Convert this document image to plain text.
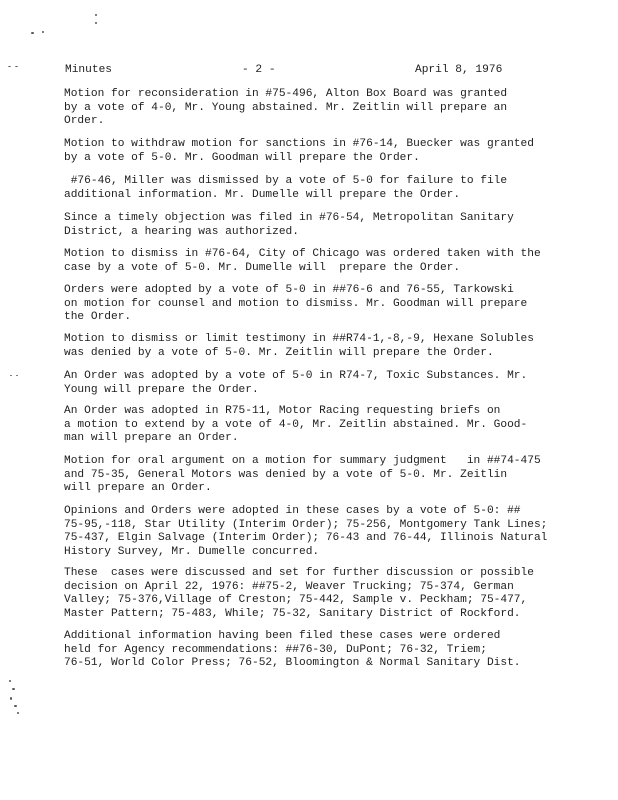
Minutes	- 2 -	April 8, 1976
Motion for reconsideration in #75-496, Alton Box Board was granted
by a vote of 4-0, Mr. Young abstained. Mr. Zeitlin will prepare an
Order.
Motion to withdraw motion for sanctions in #76-14, Buecker was granted
by a vote of 5-0. Mr. Goodman will prepare the Order.
#76-46, Miller was dismissed by a vote of 5-0 for failure to file
additional information. Mr. Dumelle will prepare the Order.
Since a timely objection was filed in #76-54, Metropolitan Sanitary
District, a hearing was authorized.
Motion to dismiss in #76-64, City of Chicago was ordered taken with the
case by a vote of 5-0. Mr. Dumelle will  prepare the Order.
Orders were adopted by a vote of 5-0 in ##76-6 and 76-55, Tarkowski
on motion for counsel and motion to dismiss. Mr. Goodman will prepare
the Order.
Motion to dismiss or limit testimony in ##R74-1,-8,-9, Hexane Solubles
was denied by a vote of 5-0. Mr. Zeitlin will prepare the Order.
An Order was adopted by a vote of 5-0 in R74-7, Toxic Substances. Mr.
Young will prepare the Order.
An Order was adopted in R75-11, Motor Racing requesting briefs on
a motion to extend by a vote of 4-0, Mr. Zeitlin abstained. Mr. Good-
man will prepare an Order.
Motion for oral argument on a motion for summary judgment   in ##74-475
and 75-35, General Motors was denied by a vote of 5-0. Mr. Zeitlin
will prepare an Order.
Opinions and Orders were adopted in these cases by a vote of 5-0: ##
75-95,-118, Star Utility (Interim Order); 75-256, Montgomery Tank Lines;
75-437, Elgin Salvage (Interim Order); 76-43 and 76-44, Illinois Natural
History Survey, Mr. Dumelle concurred.
These  cases were discussed and set for further discussion or possible
decision on April 22, 1976: ##75-2, Weaver Trucking; 75-374, German
Valley; 75-376,Village of Creston; 75-442, Sample v. Peckham; 75-477,
Master Pattern; 75-483, While; 75-32, Sanitary District of Rockford.
Additional information having been filed these cases were ordered
held for Agency recommendations: ##76-30, DuPont; 76-32, Triem;
76-51, World Color Press; 76-52, Bloomington & Normal Sanitary Dist.
